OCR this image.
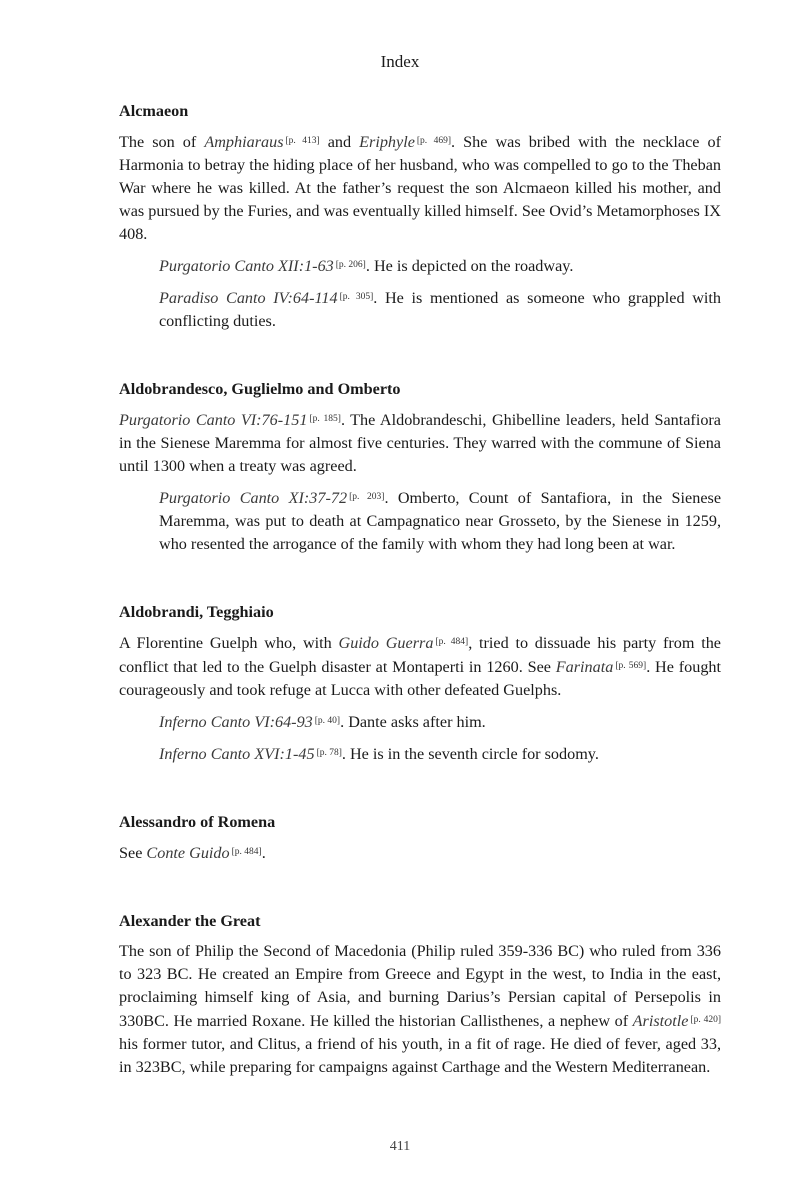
Index

Alcmaeon

The son of Amphiaraus [p. 413] and Eriphyle [p. 469]. She was bribed with the necklace of Harmonia to betray the hiding place of her husband, who was compelled to go to the Theban War where he was killed. At the father’s request the son Alcmaeon killed his mother, and was pursued by the Furies, and was eventually killed himself. See Ovid’s Metamorphoses IX 408.

Purgatorio Canto XII:1-63 [p. 206]. He is depicted on the roadway.

Paradiso Canto IV:64-114 [p. 305]. He is mentioned as someone who grappled with conflicting duties.

Aldobrandesco, Guglielmo and Omberto

Purgatorio Canto VI:76-151 [p. 185]. The Aldobrandeschi, Ghibelline leaders, held Santafiora in the Sienese Maremma for almost five centuries. They warred with the commune of Siena until 1300 when a treaty was agreed.

Purgatorio Canto XI:37-72 [p. 203]. Omberto, Count of Santafiora, in the Sienese Maremma, was put to death at Campagnatico near Grosseto, by the Sienese in 1259, who resented the arrogance of the family with whom they had long been at war.

Aldobrandi, Tegghiaio

A Florentine Guelph who, with Guido Guerra [p. 484], tried to dissuade his party from the conflict that led to the Guelph disaster at Montaperti in 1260. See Farinata [p. 569]. He fought courageously and took refuge at Lucca with other defeated Guelphs.

Inferno Canto VI:64-93 [p. 40]. Dante asks after him.

Inferno Canto XVI:1-45 [p. 78]. He is in the seventh circle for sodomy.

Alessandro of Romena

See Conte Guido [p. 484].

Alexander the Great

The son of Philip the Second of Macedonia (Philip ruled 359-336 BC) who ruled from 336 to 323 BC. He created an Empire from Greece and Egypt in the west, to India in the east, proclaiming himself king of Asia, and burning Darius’s Persian capital of Persepolis in 330BC. He married Roxane. He killed the historian Callisthenes, a nephew of Aristotle [p. 420] his former tutor, and Clitus, a friend of his youth, in a fit of rage. He died of fever, aged 33, in 323BC, while preparing for campaigns against Carthage and the Western Mediterranean.

411
